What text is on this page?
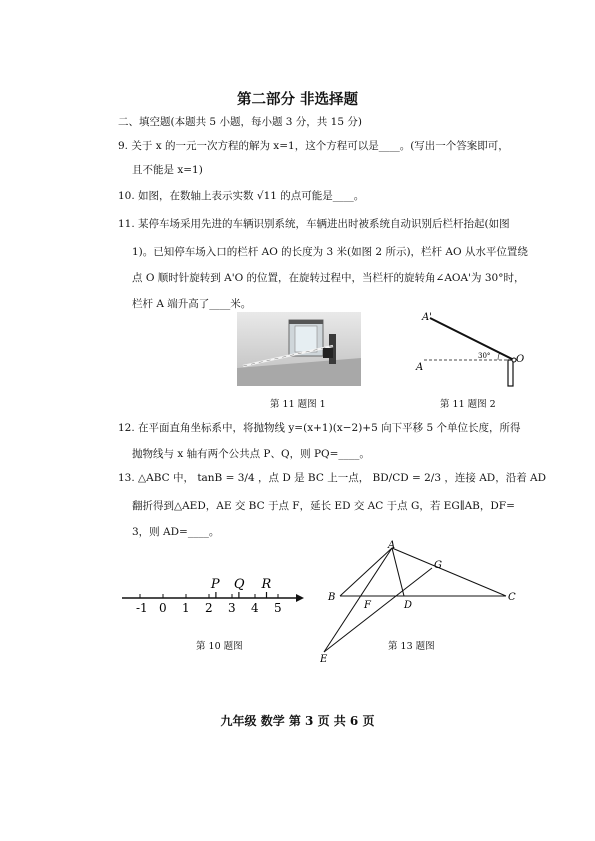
第二部分 非选择题
二、填空题(本题共 5 小题，每小题 3 分，共 15 分)
9. 关于 x 的一元一次方程的解为 x=1，这个方程可以是____。(写出一个答案即可，
且不能是 x=1)
10. 如图，在数轴上表示实数 √11 的点可能是____。
11. 某停车场采用先进的车辆识别系统，车辆进出时被系统自动识别后栏杆抬起(如图
1)。已知停车场入口的栏杆 AO 的长度为 3 米(如图 2 所示)，栏杆 AO 从水平位置绕
点 O 顺时针旋转到 A'O 的位置，在旋转过程中，当栏杆的旋转角∠AOA'为 30°时，
栏杆 A 端升高了____米。
第 11 题图 1
A'
A
O
30°
第 11 题图 2
12. 在平面直角坐标系中，将抛物线 y=(x+1)(x−2)+5 向下平移 5 个单位长度，所得
抛物线与 x 轴有两个公共点 P、Q，则 PQ=____。
13. △ABC 中， tanB = 3/4 ，点 D 是 BC 上一点， BD/CD = 2/3 ，连接 AD，沿着 AD
翻折得到△AED，AE 交 BC 于点 F，延长 ED 交 AC 于点 G，若 EG∥AB，DF=
3，则 AD=____。
-1 0 1 2 3 4 5
P Q R
第 10 题图
A
B	C
D
E
F
G
第 13 题图
九年级 数学 第 3 页 共 6 页
